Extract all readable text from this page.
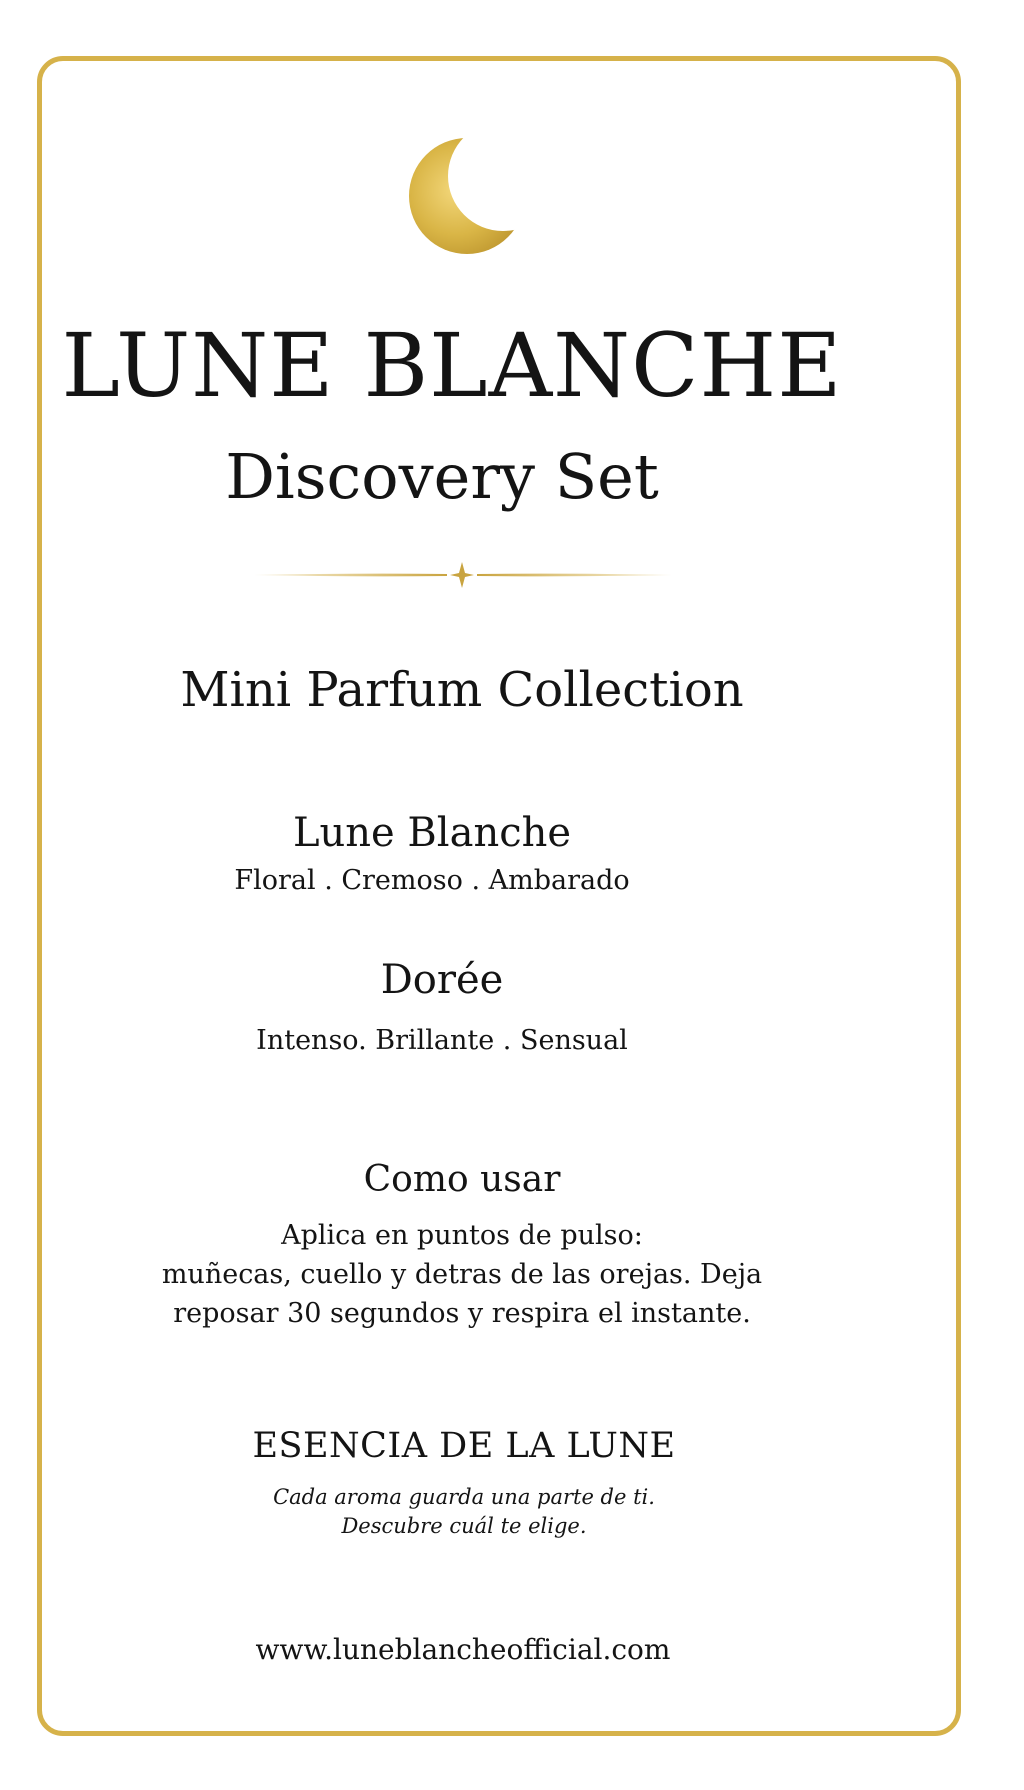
LUNE BLANCHE
Discovery Set
Mini Parfum Collection
Lune Blanche
Floral . Cremoso . Ambarado
Dorée
Intenso. Brillante . Sensual
Como usar
Aplica en puntos de pulso:
muñecas, cuello y detras de las orejas. Deja
reposar 30 segundos y respira el instante.
ESENCIA DE LA LUNE
Cada aroma guarda una parte de ti.
Descubre cuál te elige.
www.luneblancheofficial.com
